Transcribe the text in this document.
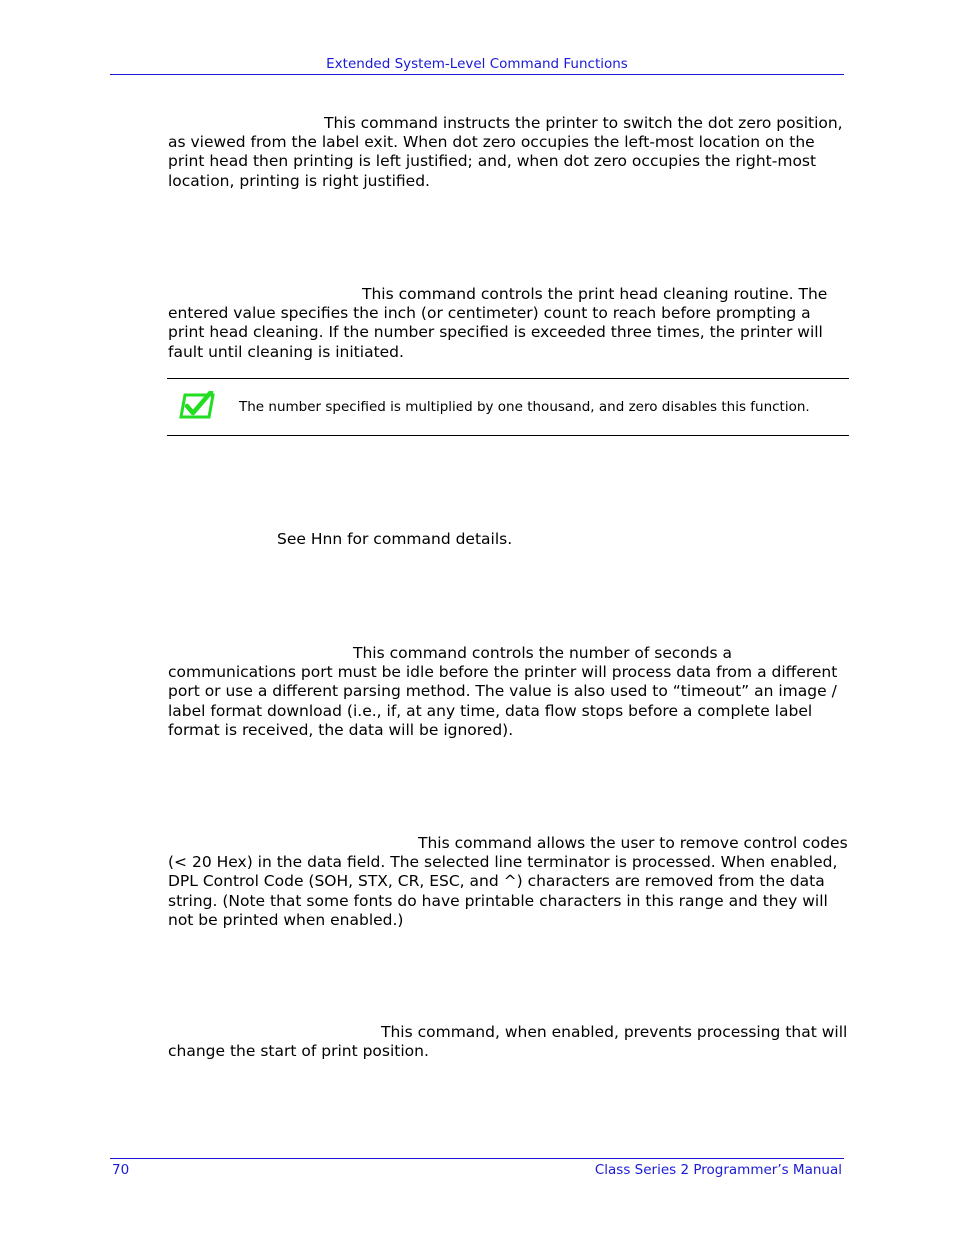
Extended System-Level Command Functions

This command instructs the printer to switch the dot zero position, as viewed from the label exit. When dot zero occupies the left-most location on the print head then printing is left justified; and, when dot zero occupies the right-most location, printing is right justified.

This command controls the print head cleaning routine. The entered value specifies the inch (or centimeter) count to reach before prompting a print head cleaning. If the number specified is exceeded three times, the printer will fault until cleaning is initiated.

The number specified is multiplied by one thousand, and zero disables this function.

See Hnn for command details.

This command controls the number of seconds a communications port must be idle before the printer will process data from a different port or use a different parsing method. The value is also used to “timeout” an image / label format download (i.e., if, at any time, data flow stops before a complete label format is received, the data will be ignored).

This command allows the user to remove control codes (< 20 Hex) in the data field. The selected line terminator is processed. When enabled, DPL Control Code (SOH, STX, CR, ESC, and ^) characters are removed from the data string. (Note that some fonts do have printable characters in this range and they will not be printed when enabled.)

This command, when enabled, prevents processing that will change the start of print position.

70	Class Series 2 Programmer’s Manual
